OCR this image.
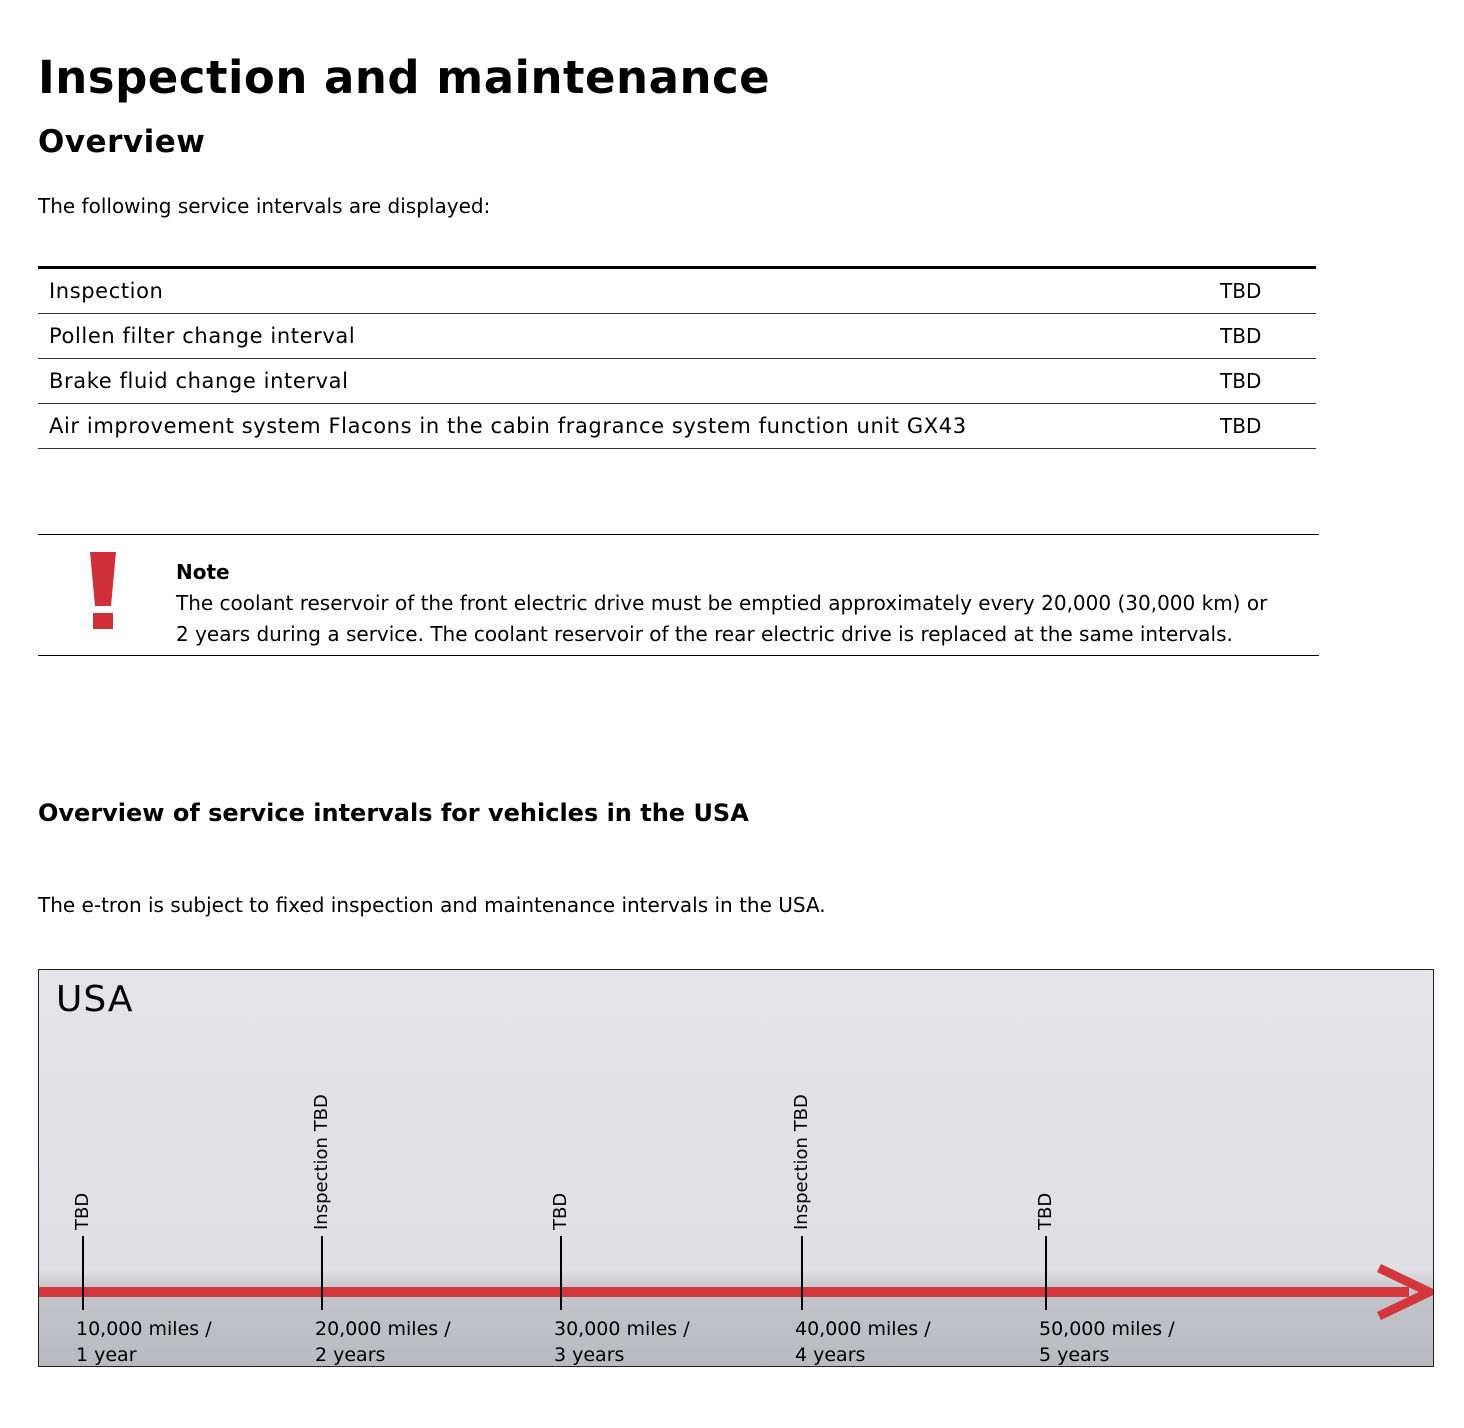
Inspection and maintenance
Overview

The following service intervals are displayed:

Inspection	TBD
Pollen filter change interval	TBD
Brake fluid change interval	TBD
Air improvement system Flacons in the cabin fragrance system function unit GX43	TBD

Note

The coolant reservoir of the front electric drive must be emptied approximately every 20,000 (30,000 km) or 2 years during a service. The coolant reservoir of the rear electric drive is replaced at the same intervals.

Overview of service intervals for vehicles in the USA

The e-tron is subject to fixed inspection and maintenance intervals in the USA.

USA

TBD

10,000 miles /
1 year

Inspection TBD

20,000 miles /
2 years

TBD

30,000 miles /
3 years

Inspection TBD

40,000 miles /
4 years

TBD

50,000 miles /
5 years
